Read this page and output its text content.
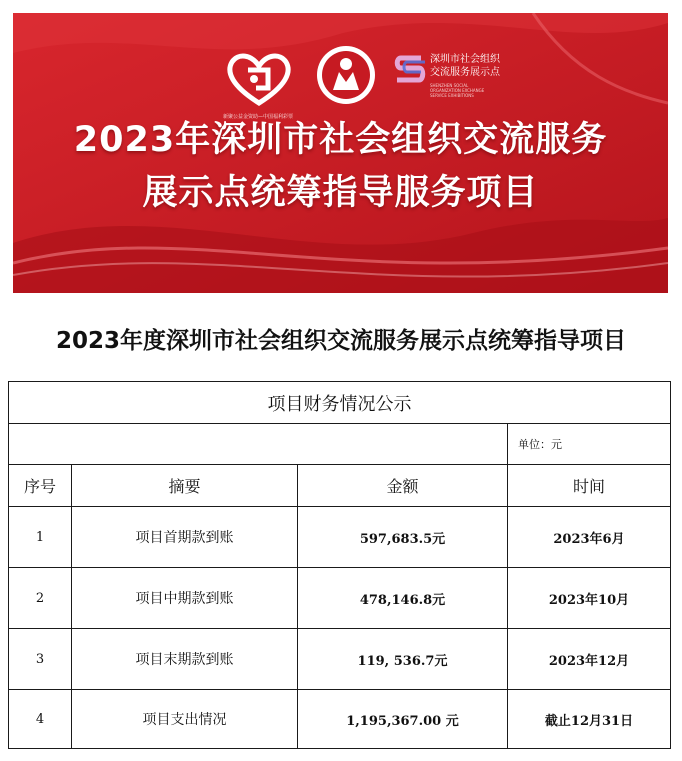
新聚公益金资助—中国福利彩票
深圳市社会组织
交流服务展示点
SHENZHEN SOCIAL ORGANIZATION EXCHANGE SERVICE EXHIBITIONS
2023年深圳市社会组织交流服务
展示点统筹指导服务项目
2023年度深圳市社会组织交流服务展示点统筹指导项目
项目财务情况公示			
			单位：元
序号	摘要	金额	时间
1	项目首期款到账	597,683.5元	2023年6月
2	项目中期款到账	478,146.8元	2023年10月
3	项目末期款到账	119, 536.7元	2023年12月
4	项目支出情况	1,195,367.00 元	截止12月31日
